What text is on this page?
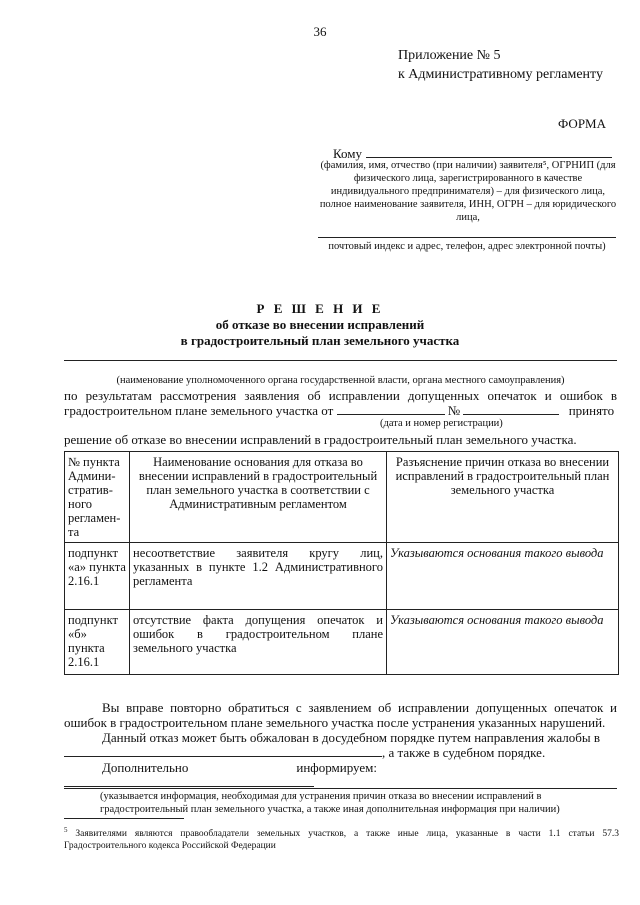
36
Приложение № 5
к Административному регламенту
ФОРМА
Кому
(фамилия, имя, отчество (при наличии) заявителя⁵, ОГРНИП (для физического лица, зарегистрированного в качестве индивидуального предпринимателя) – для физического лица, полное наименование заявителя, ИНН, ОГРН – для юридического лица,
почтовый индекс и адрес, телефон, адрес электронной почты)
Р Е Ш Е Н И Е
об отказе во внесении исправлений
в градостроительный план земельного участка
(наименование уполномоченного органа государственной власти, органа местного самоуправления)
по результатам рассмотрения заявления об исправлении допущенных опечаток и ошибок в
градостроительном плане земельного участка от	№	принято
(дата и номер регистрации)
решение об отказе во внесении исправлений в градостроительный план земельного участка.
№ пункта Админи-стратив-ного регламен-та	Наименование основания для отказа во внесении исправлений в градостроительный план земельного участка в соответствии с Административным регламентом	Разъяснение причин отказа во внесении исправлений в градостроительный план земельного участка
подпункт «а» пункта 2.16.1	несоответствие заявителя кругу лиц, указанных в пункте 1.2 Административного регламента	Указываются основания такого вывода
подпункт «б» пункта 2.16.1	отсутствие факта допущения опечаток и ошибок в градостроительном плане земельного участка	Указываются основания такого вывода
Вы вправе повторно обратиться с заявлением об исправлении допущенных опечаток и ошибок в градостроительном плане земельного участка после устранения указанных нарушений.
Данный отказ может быть обжалован в досудебном порядке путем направления жалобы в
, а также в судебном порядке.
Дополнительно	информируем:
(указывается информация, необходимая для устранения причин отказа во внесении исправлений в градостроительный план земельного участка, а также иная дополнительная информация при наличии)
$^5$ Заявителями являются правообладатели земельных участков, а также иные лица, указанные в части 1.1 статьи 57.3 Градостроительного кодекса Российской Федерации
